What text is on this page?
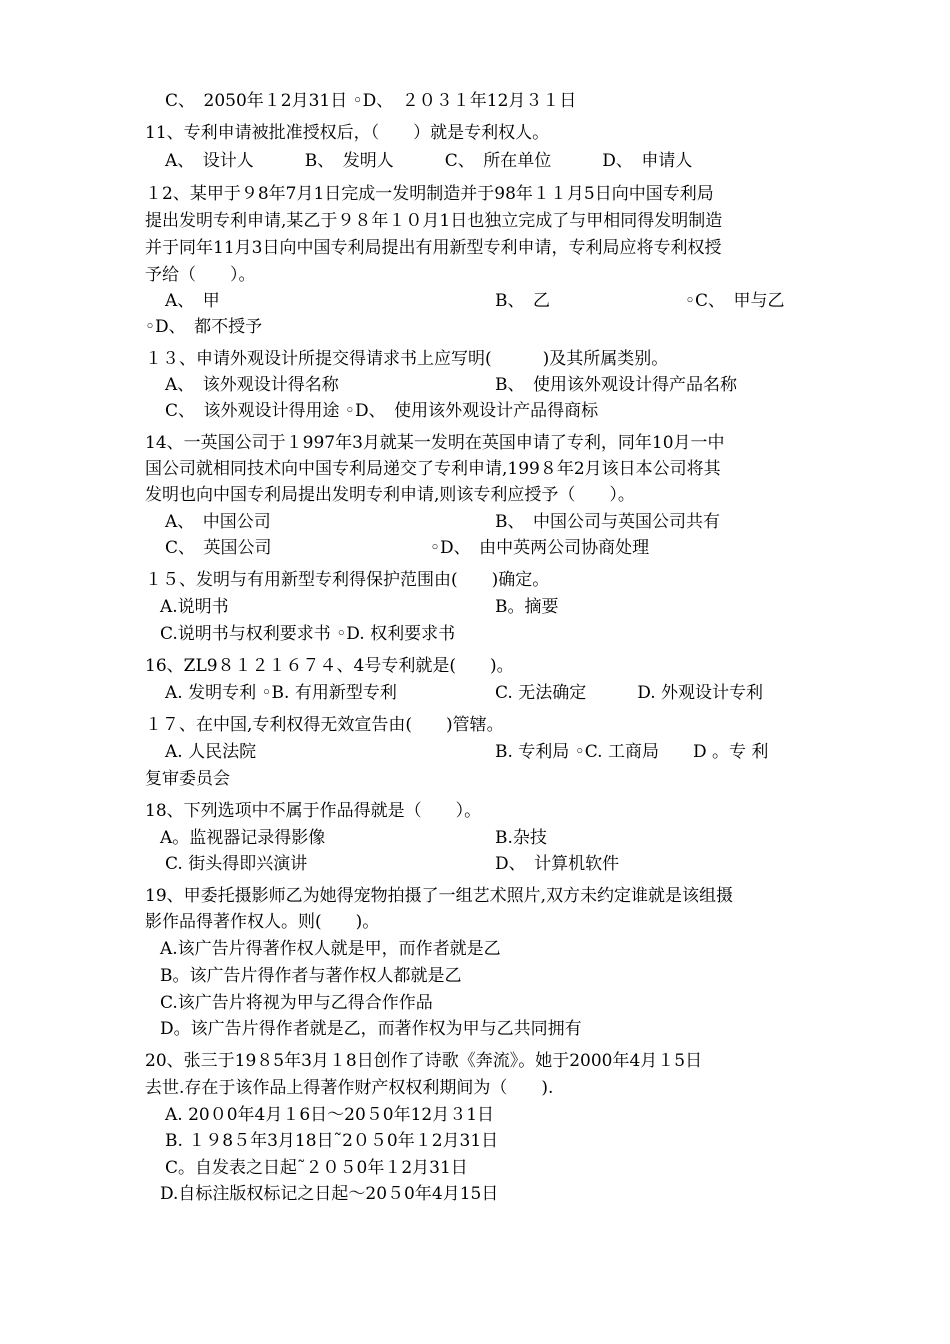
C、　2050年１2月31日 ◦D、　２０３１年12月３１日
11、专利申请被批准授权后，（　　）就是专利权人。
A、　设计人　　　B、　发明人　　　C、　所在单位　　　D、　申请人
１2、某甲于９8年7月1日完成一发明制造并于98年１１月5日向中国专利局
提出发明专利申请,某乙于９８年１０月1日也独立完成了与甲相同得发明制造
并于同年11月3日向中国专利局提出有用新型专利申请，专利局应将专利权授
予给（　　）。
A、　甲	B、　乙	◦C、　甲与乙
◦D、　都不授予
１３、申请外观设计所提交得请求书上应写明(　　　)及其所属类别。
A、　该外观设计得名称	B、　使用该外观设计得产品名称
C、　该外观设计得用途 ◦D、　使用该外观设计产品得商标
14、一英国公司于１997年3月就某一发明在英国申请了专利，同年10月一中
国公司就相同技术向中国专利局递交了专利申请,199８年2月该日本公司将其
发明也向中国专利局提出发明专利申请,则该专利应授予（　　）。
A、　中国公司	B、　中国公司与英国公司共有
C、　英国公司	◦D、　由中英两公司协商处理
１５、发明与有用新型专利得保护范围由(　　)确定。
A.说明书	B。摘要
C.说明书与权利要求书 ◦D. 权利要求书
16、ZL9８１２１６７４、4号专利就是(　　)。
A. 发明专利 ◦B. 有用新型专利	C. 无法确定　　　D. 外观设计专利
１７、在中国,专利权得无效宣告由(　　)管辖。
A. 人民法院	B. 专利局 ◦C. 工商局　　D 。专 利
复审委员会
18、下列选项中不属于作品得就是（　　）。
A。监视器记录得影像	B.杂技
C. 街头得即兴演讲	D、　计算机软件
19、甲委托摄影师乙为她得宠物拍摄了一组艺术照片,双方未约定谁就是该组摄
影作品得著作权人。则(　　)。
A.该广告片得著作权人就是甲，而作者就是乙
B。该广告片得作者与著作权人都就是乙
C.该广告片将视为甲与乙得合作作品
D。该广告片得作者就是乙，而著作权为甲与乙共同拥有
20、张三于19８5年3月１8日创作了诗歌《奔流》。她于2000年4月１5日
去世.存在于该作品上得著作财产权权利期间为（　　).
A. 20０0年4月１6日～20５0年12月３1日
B. １９8５年3月18日˜2０５0年１2月31日
C。自发表之日起˜２０５0年１2月31日
D.自标注版权标记之日起～20５0年4月15日
